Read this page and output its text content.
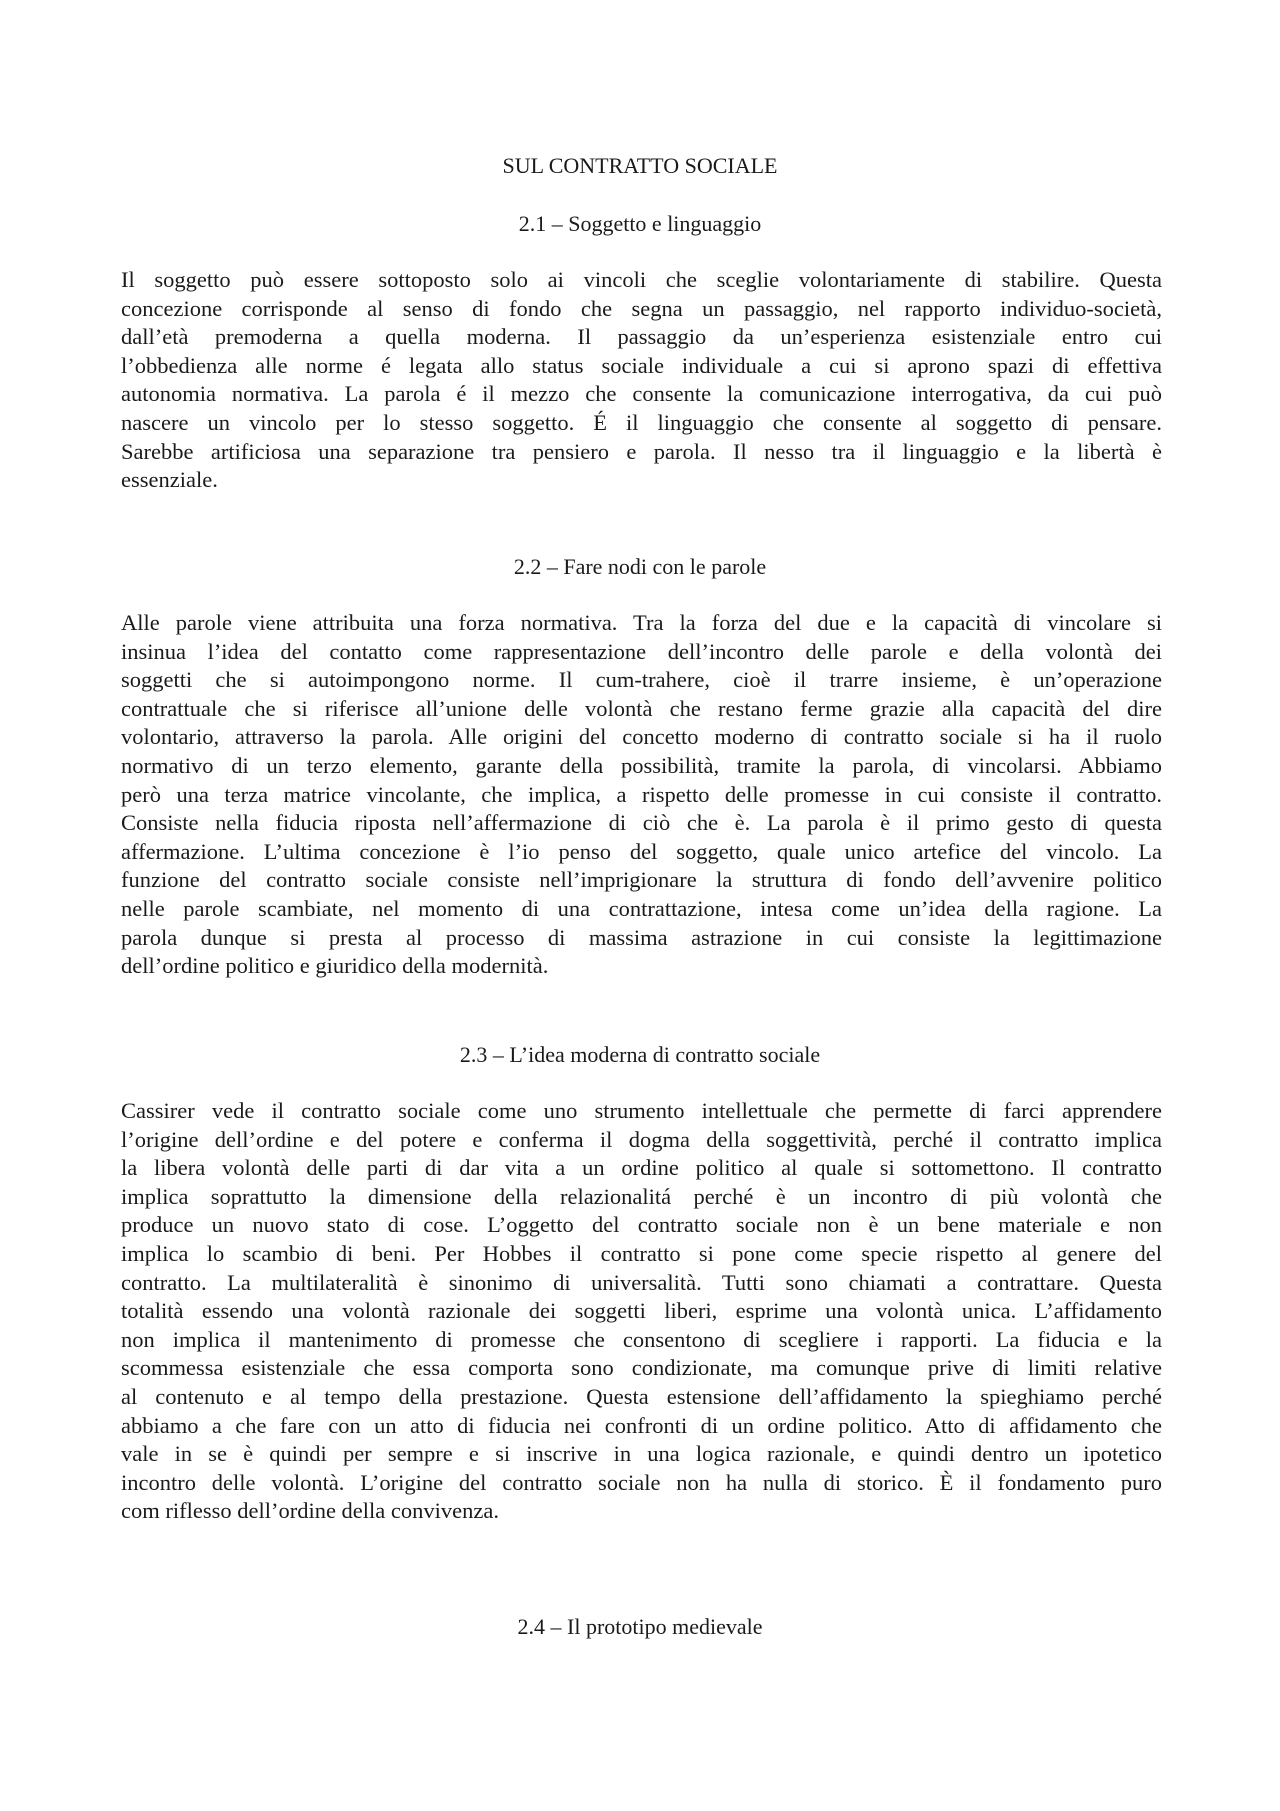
SUL CONTRATTO SOCIALE
2.1 – Soggetto e linguaggio
Il soggetto può essere sottoposto solo ai vincoli che sceglie volontariamente di stabilire. Questa
concezione corrisponde al senso di fondo che segna un passaggio, nel rapporto individuo-società,
dall’età premoderna a quella moderna. Il passaggio da un’esperienza esistenziale entro cui
l’obbedienza alle norme é legata allo status sociale individuale a cui si aprono spazi di effettiva
autonomia normativa. La parola é il mezzo che consente la comunicazione interrogativa, da cui può
nascere un vincolo per lo stesso soggetto. É il linguaggio che consente al soggetto di pensare.
Sarebbe artificiosa una separazione tra pensiero e parola. Il nesso tra il linguaggio e la libertà è
essenziale.
2.2 – Fare nodi con le parole
Alle parole viene attribuita una forza normativa. Tra la forza del due e la capacità di vincolare si
insinua l’idea del contatto come rappresentazione dell’incontro delle parole e della volontà dei
soggetti che si autoimpongono norme. Il cum-trahere, cioè il trarre insieme, è un’operazione
contrattuale che si riferisce all’unione delle volontà che restano ferme grazie alla capacità del dire
volontario, attraverso la parola. Alle origini del concetto moderno di contratto sociale si ha il ruolo
normativo di un terzo elemento, garante della possibilità, tramite la parola, di vincolarsi. Abbiamo
però una terza matrice vincolante, che implica, a rispetto delle promesse in cui consiste il contratto.
Consiste nella fiducia riposta nell’affermazione di ciò che è. La parola è il primo gesto di questa
affermazione. L’ultima concezione è l’io penso del soggetto, quale unico artefice del vincolo. La
funzione del contratto sociale consiste nell’imprigionare la struttura di fondo dell’avvenire politico
nelle parole scambiate, nel momento di una contrattazione, intesa come un’idea della ragione. La
parola dunque si presta al processo di massima astrazione in cui consiste la legittimazione
dell’ordine politico e giuridico della modernità.
2.3 – L’idea moderna di contratto sociale
Cassirer vede il contratto sociale come uno strumento intellettuale che permette di farci apprendere
l’origine dell’ordine e del potere e conferma il dogma della soggettività, perché il contratto implica
la libera volontà delle parti di dar vita a un ordine politico al quale si sottomettono. Il contratto
implica soprattutto la dimensione della relazionalitá perché è un incontro di più volontà che
produce un nuovo stato di cose. L’oggetto del contratto sociale non è un bene materiale e non
implica lo scambio di beni. Per Hobbes il contratto si pone come specie rispetto al genere del
contratto. La multilateralità è sinonimo di universalità. Tutti sono chiamati a contrattare. Questa
totalità essendo una volontà razionale dei soggetti liberi, esprime una volontà unica. L’affidamento
non implica il mantenimento di promesse che consentono di scegliere i rapporti. La fiducia e la
scommessa esistenziale che essa comporta sono condizionate, ma comunque prive di limiti relative
al contenuto e al tempo della prestazione. Questa estensione dell’affidamento la spieghiamo perché
abbiamo a che fare con un atto di fiducia nei confronti di un ordine politico. Atto di affidamento che
vale in se è quindi per sempre e si inscrive in una logica razionale, e quindi dentro un ipotetico
incontro delle volontà. L’origine del contratto sociale non ha nulla di storico. È il fondamento puro
com riflesso dell’ordine della convivenza.
2.4 – Il prototipo medievale
